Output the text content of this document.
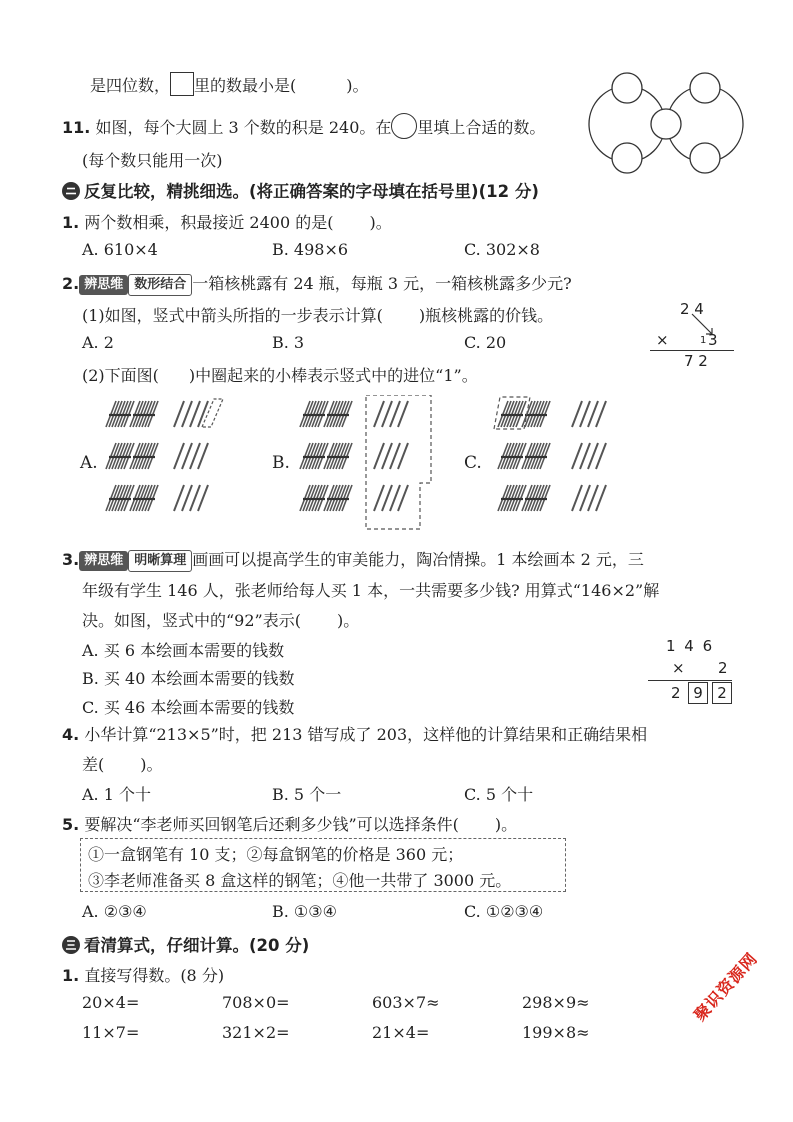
是四位数， 里的数最小是(	)。
11. 如图，每个大圆上 3 个数的积是 240。在 里填上合适的数。
(每个数只能用一次)
反复比较，精挑细选。(将正确答案的字母填在括号里)(12 分)
1. 两个数相乘，积最接近 2400 的是( )。
A. 610×4	B. 498×6	C. 302×8
2. 辨思维 数形结合 一箱核桃露有 24 瓶，每瓶 3 元，一箱核桃露多少元?
(1)如图，竖式中箭头所指的一步表示计算( )瓶核桃露的价钱。
A. 2	B. 3	C. 20
(2)下面图( )中圈起来的小棒表示竖式中的进位“1”。
2 4
×	1 3
7 2
A.	B.	C.
3. 辨思维 明晰算理 画画可以提高学生的审美能力，陶冶情操。1 本绘画本 2 元，三
年级有学生 146 人，张老师给每人买 1 本，一共需要多少钱? 用算式“146×2”解
决。如图，竖式中的“92”表示( )。
A. 买 6 本绘画本需要的钱数
B. 买 40 本绘画本需要的钱数
C. 买 46 本绘画本需要的钱数
1 4 6
× 2
2 9 2
4. 小华计算“213×5”时，把 213 错写成了 203，这样他的计算结果和正确结果相
差( )。
A. 1 个十	B. 5 个一	C. 5 个十
5. 要解决“李老师买回钢笔后还剩多少钱”可以选择条件( )。
①一盒钢笔有 10 支；②每盒钢笔的价格是 360 元；
③李老师准备买 8 盒这样的钢笔；④他一共带了 3000 元。
A. ②③④	B. ①③④	C. ①②③④
看清算式，仔细计算。(20 分)
1. 直接写得数。(8 分)
20×4=	708×0=	603×7≈	298×9≈
11×7=	321×2=	21×4=	199×8≈
聚识资源网
